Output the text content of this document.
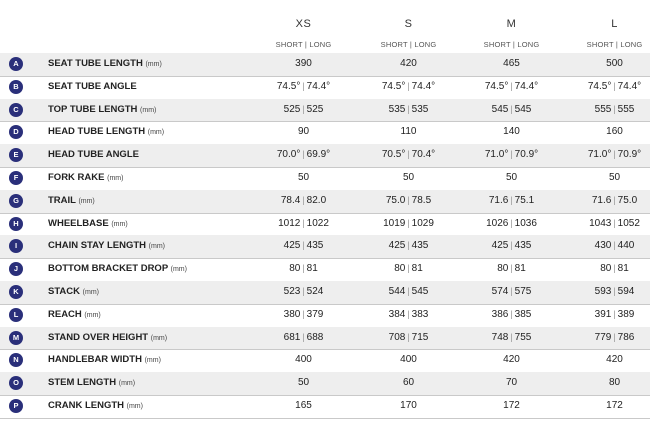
XS	S	M	L
SHORT | LONG	SHORT | LONG	SHORT | LONG	SHORT | LONG
A	SEAT TUBE LENGTH (mm)	390	420	465	500
B	SEAT TUBE ANGLE	74.5° | 74.4°	74.5° | 74.4°	74.5° | 74.4°	74.5° | 74.4°
C	TOP TUBE LENGTH (mm)	525 | 525	535 | 535	545 | 545	555 | 555
D	HEAD TUBE LENGTH (mm)	90	110	140	160
E	HEAD TUBE ANGLE	70.0° | 69.9°	70.5° | 70.4°	71.0° | 70.9°	71.0° | 70.9°
F	FORK RAKE (mm)	50	50	50	50
G	TRAIL (mm)	78.4 | 82.0	75.0 | 78.5	71.6 | 75.1	71.6 | 75.0
H	WHEELBASE (mm)	1012 | 1022	1019 | 1029	1026 | 1036	1043 | 1052
I	CHAIN STAY LENGTH (mm)	425 | 435	425 | 435	425 | 435	430 | 440
J	BOTTOM BRACKET DROP (mm)	80 | 81	80 | 81	80 | 81	80 | 81
K	STACK (mm)	523 | 524	544 | 545	574 | 575	593 | 594
L	REACH (mm)	380 | 379	384 | 383	386 | 385	391 | 389
M	STAND OVER HEIGHT (mm)	681 | 688	708 | 715	748 | 755	779 | 786
N	HANDLEBAR WIDTH (mm)	400	400	420	420
O	STEM LENGTH (mm)	50	60	70	80
P	CRANK LENGTH (mm)	165	170	172	172
